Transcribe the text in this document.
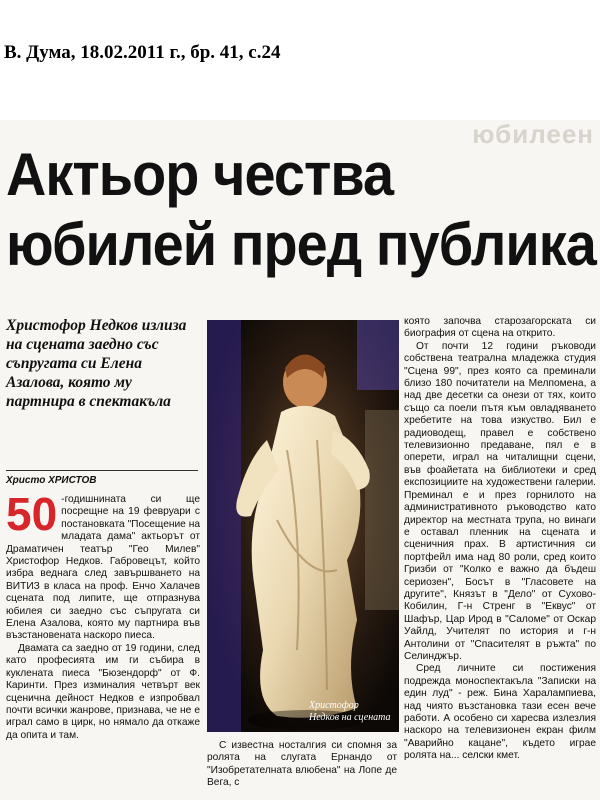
В. Дума, 18.02.2011 г., бр. 41, с.24
юбилеен
Актьор чества
юбилей пред публика
Христофор Недков излиза на сцената заедно със съпругата си Елена Азалова, която му партнира в спектакъла
Христо ХРИСТОВ
50 -годишнината си ще посрещне на 19 февруари с постановката "Посещение на младата дама" актьорът от Драматичен театър "Гео Милев" Христофор Недков. Габровецът, който избра веднага след завършването на ВИТИЗ в класа на проф. Енчо Халачев сцената под липите, ще отпразнува юбилея си заедно със съпругата си Елена Азалова, която му партнира във възстановената наскоро пиеса.

Двамата са заедно от 19 години, след като професията им ги събира в куклената пиеса "Бюзендорф" от Ф. Каринти. През изминалия четвърт век сценична дейност Недков е изпробвал почти всички жанрове, признава, че не е играл само в цирк, но нямало да откаже да опита и там.

Христофор Недков на сцената
С известна носталгия си спомня за ролята на слугата Ернандо от "Изобретателната влюбена" на Лопе де Вега, с

която започва старозагорската си биография от сцена на открито.

От почти 12 години ръководи собствена театрална младежка студия "Сцена 99", през която са преминали близо 180 почитатели на Мелпомена, а над две десетки са онези от тях, които също са поели пътя към овладяването хребетите на това изкуство. Бил е радиоводещ, правел е собствено телевизионно предаване, пял е в оперети, играл на читалищни сцени, във фоайетата на библиотеки и сред експозициите на художествени галерии. Преминал е и през горнилото на административното ръководство като директор на местната трупа, но винаги е оставал пленник на сцената и сценичния прах. В артистичния си портфейл има над 80 роли, сред които Гризби от "Колко е важно да бъдеш сериозен", Босът в "Гласовете на другите", Князът в "Дело" от Сухово-Кобилин, Г-н Стренг в "Еквус" от Шафър, Цар Ирод в "Саломе" от Оскар Уайлд, Учителят по история и г-н Антолини от "Спасителят в ръжта" по Селинджър.

Сред личните си постижения подрежда моноспектакъла "Записки на един луд" - реж. Бина Харалампиева, над чиято възстановка тази есен вече работи. А особено си харесва излезлия наскоро на телевизионен екран филм "Аварийно кацане", където играе ролята на... селски кмет.
